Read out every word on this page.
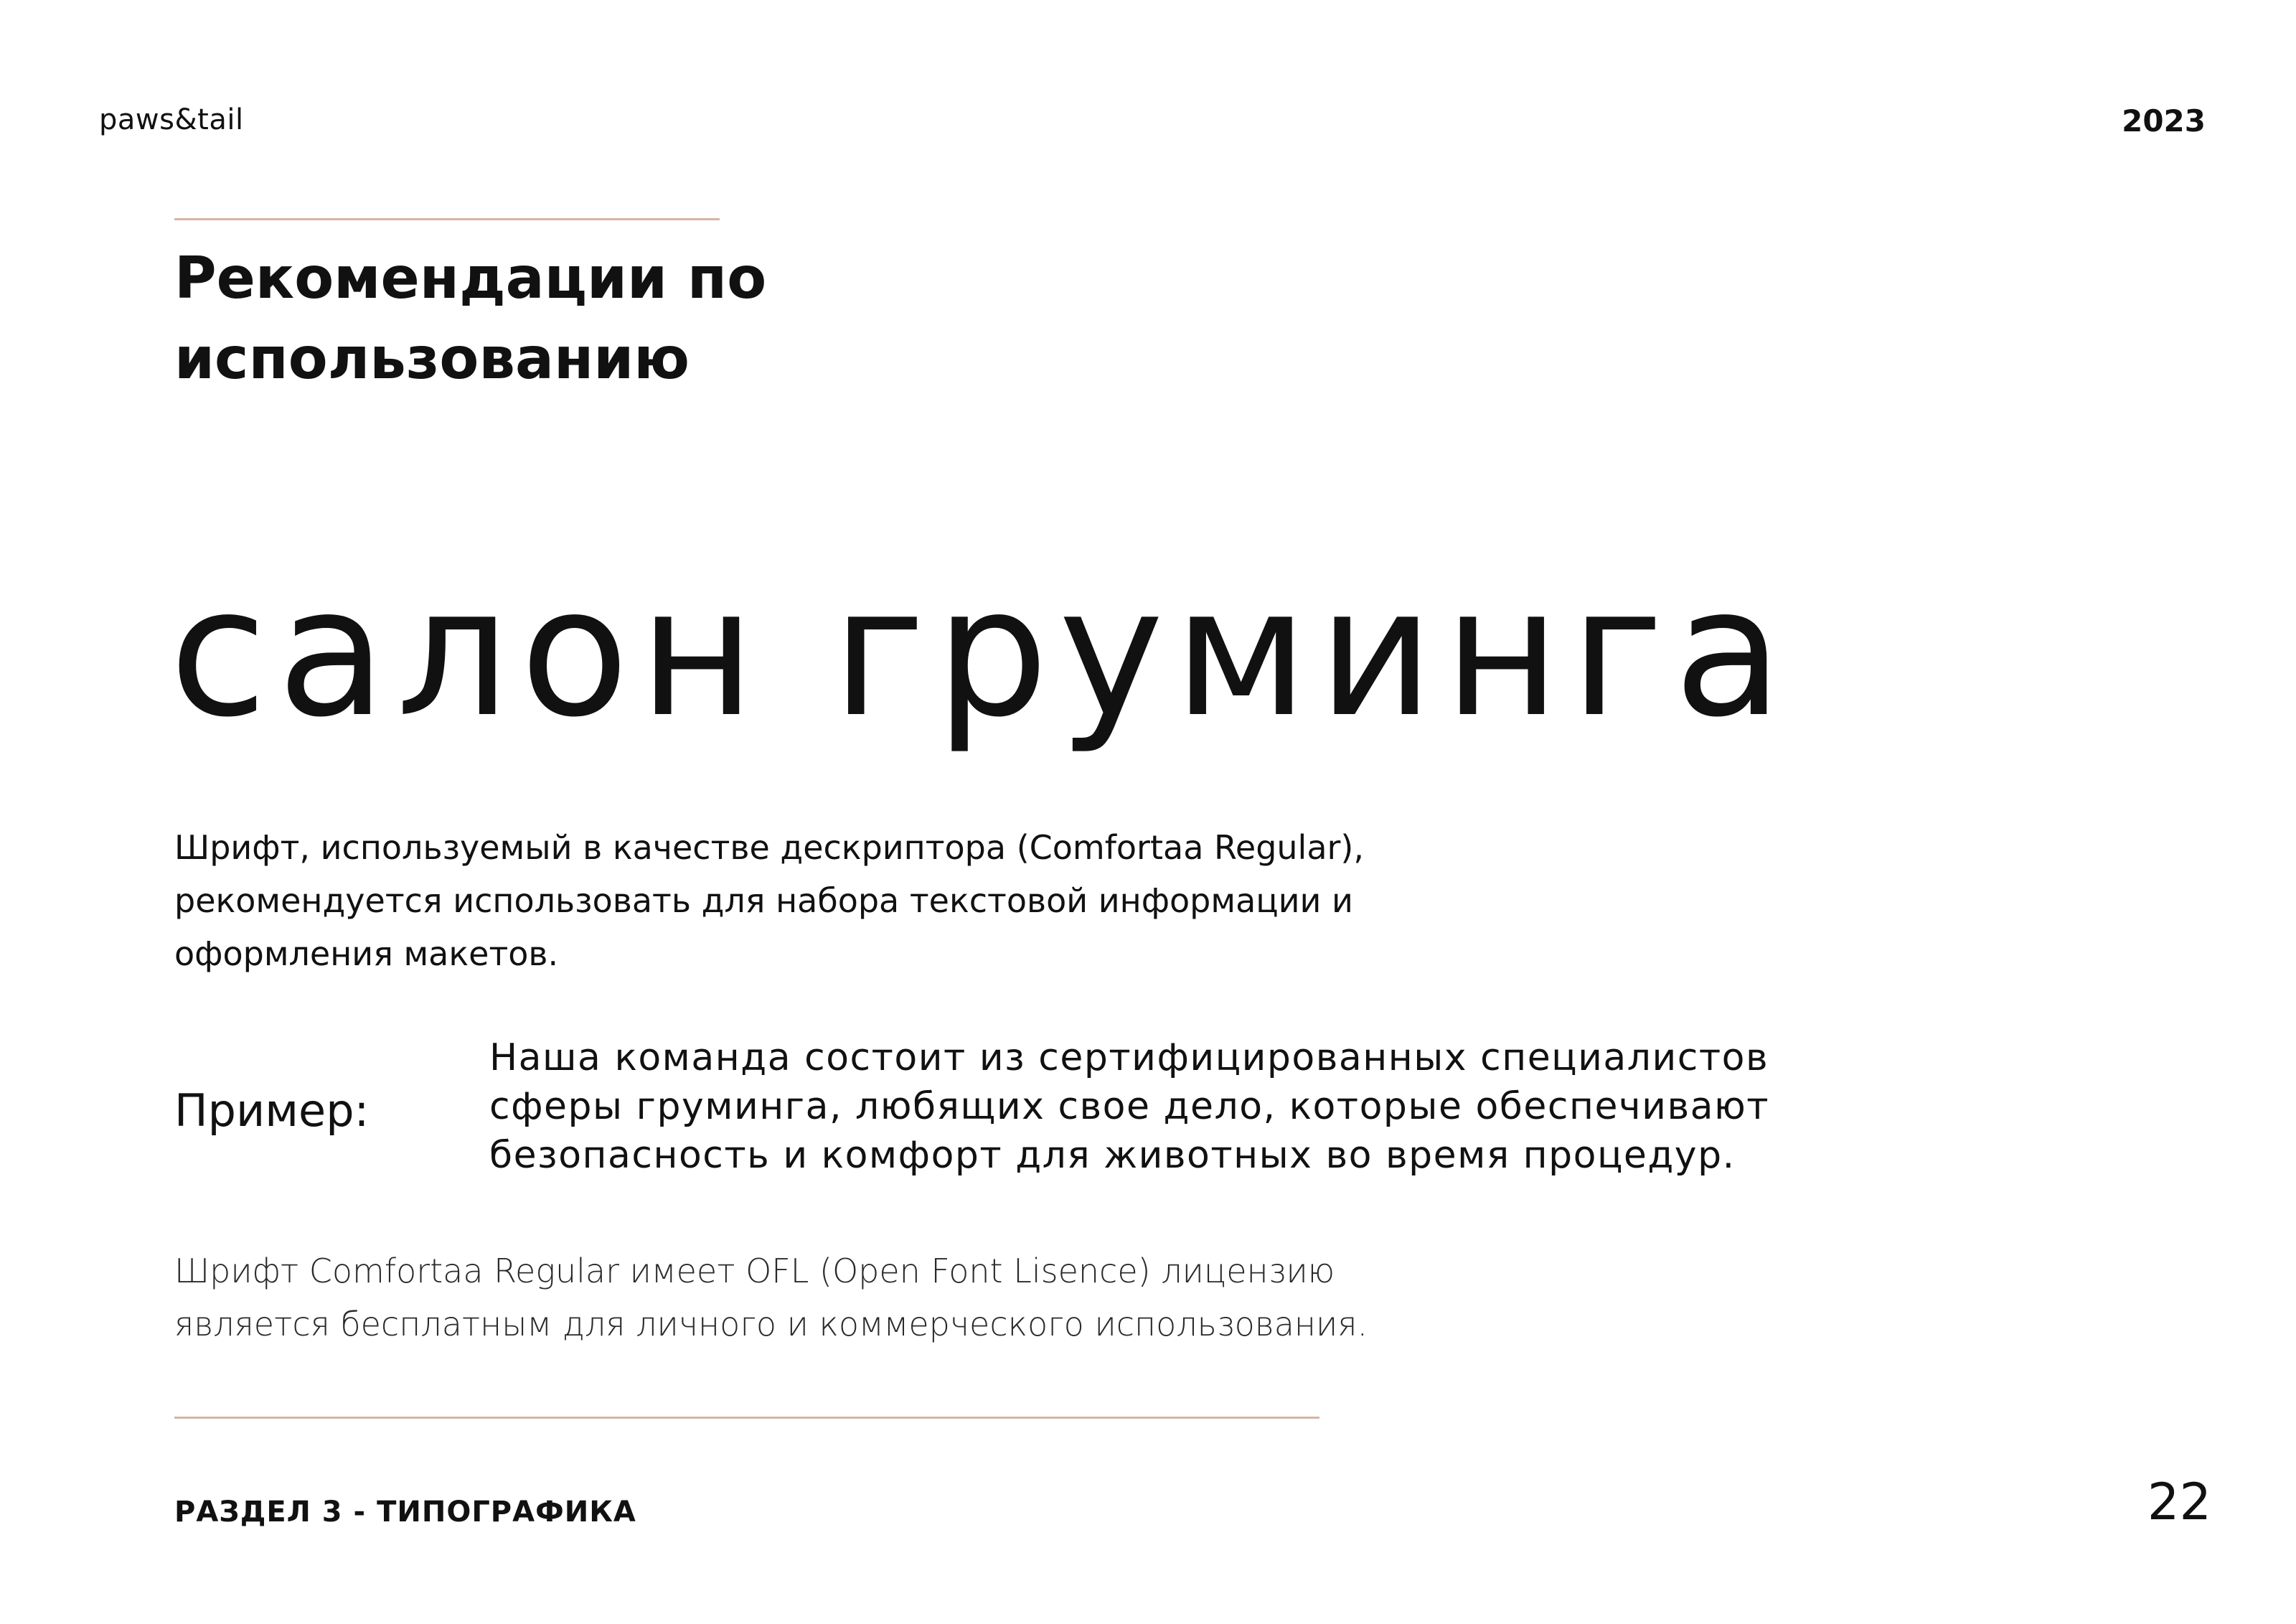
paws&tail	2023
Рекомендации по
использованию
салон груминга
Шрифт, используемый в качестве дескриптора (Comfortaa Regular),
рекомендуется использовать для набора текстовой информации и
оформления макетов.
Пример:
Наша команда состоит из сертифицированных специалистов
сферы груминга, любящих свое дело, которые обеспечивают
безопасность и комфорт для животных во время процедур.
Шрифт Comfortaa Regular имеет OFL (Open Font Lisence) лицензию
является бесплатным для личного и коммерческого использования.
РАЗДЕЛ 3 - ТИПОГРАФИКА	22
